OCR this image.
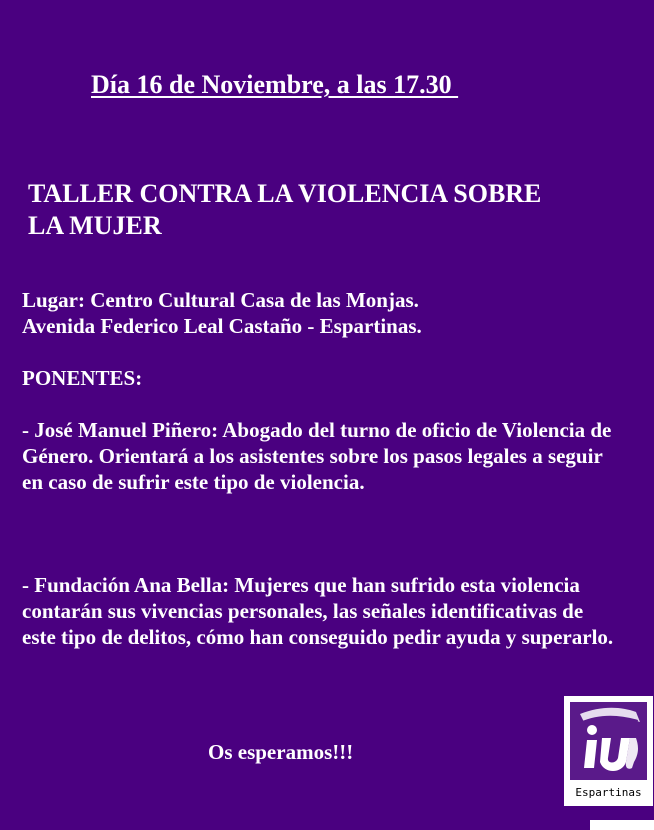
Día 16 de Noviembre, a las 17.30
TALLER CONTRA LA VIOLENCIA SOBRE
LA MUJER
Lugar: Centro Cultural Casa de las Monjas.
Avenida Federico Leal Castaño - Espartinas.
PONENTES:
- José Manuel Piñero: Abogado del turno de oficio de Violencia de Género. Orientará a los asistentes sobre los pasos legales a seguir en caso de sufrir este tipo de violencia.
- Fundación Ana Bella: Mujeres que han sufrido esta violencia contarán sus vivencias personales, las señales identificativas de este tipo de delitos, cómo han conseguido pedir ayuda y superarlo.
Os esperamos!!!
Espartinas
